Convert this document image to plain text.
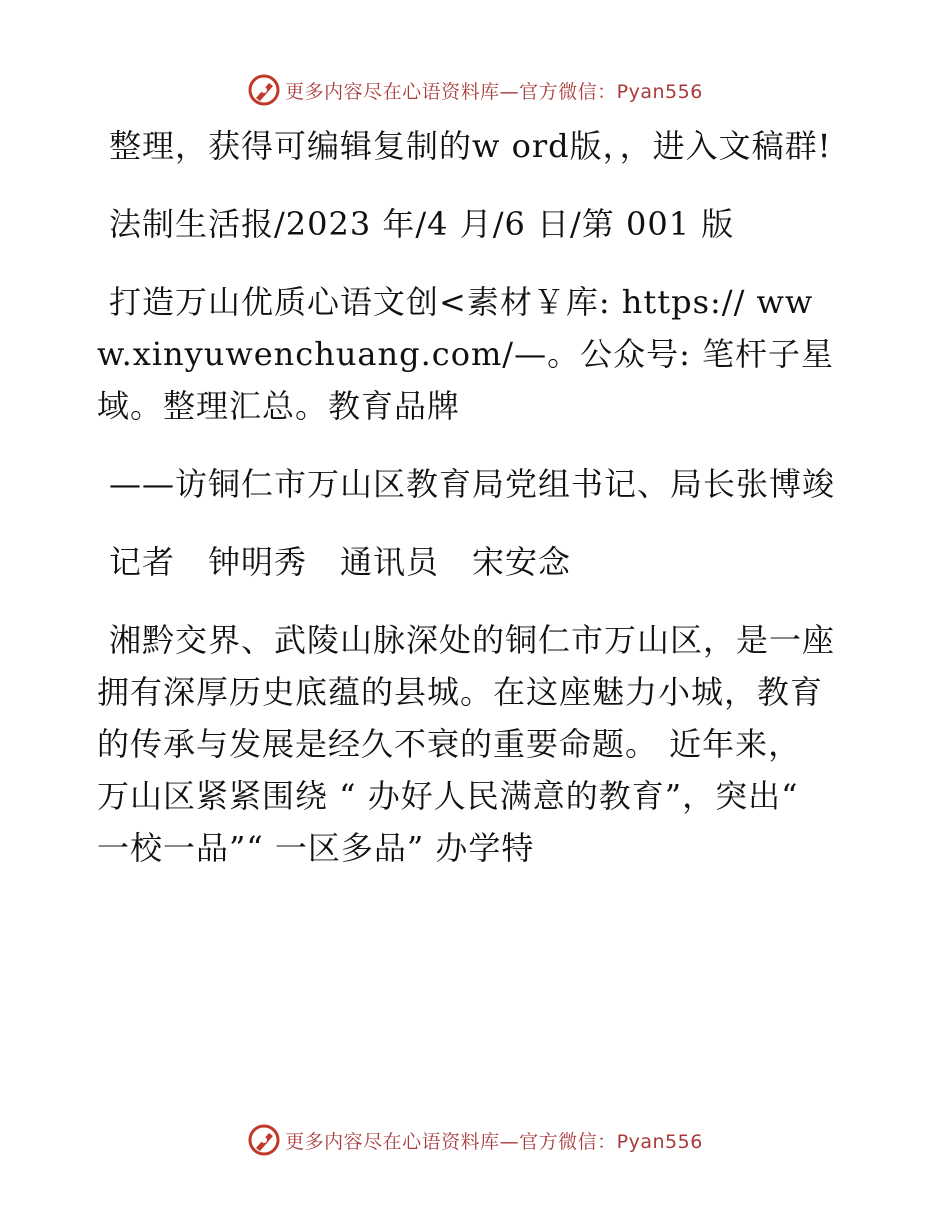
更多内容尽在心语资料库—官方微信：Pyan556

整理，获得可编辑复制的w ord版，，进入文稿群!

法制生活报/2023 年/4 月/6 日/第 001 版

打造万山优质心语文创<素材￥库: https:// www.xinyuwenchuang.com/—。公众号: 笔杆子星域。整理汇总。教育品牌

——访铜仁市万山区教育局党组书记、局长张博竣

记者　钟明秀　通讯员　宋安念

湘黔交界、武陵山脉深处的铜仁市万山区，是一座拥有深厚历史底蕴的县城。在这座魅力小城，教育的传承与发展是经久不衰的重要命题。 近年来， 万山区紧紧围绕 “ 办好人民满意的教育”，突出“ 一校一品”“ 一区多品” 办学特

更多内容尽在心语资料库—官方微信：Pyan556
